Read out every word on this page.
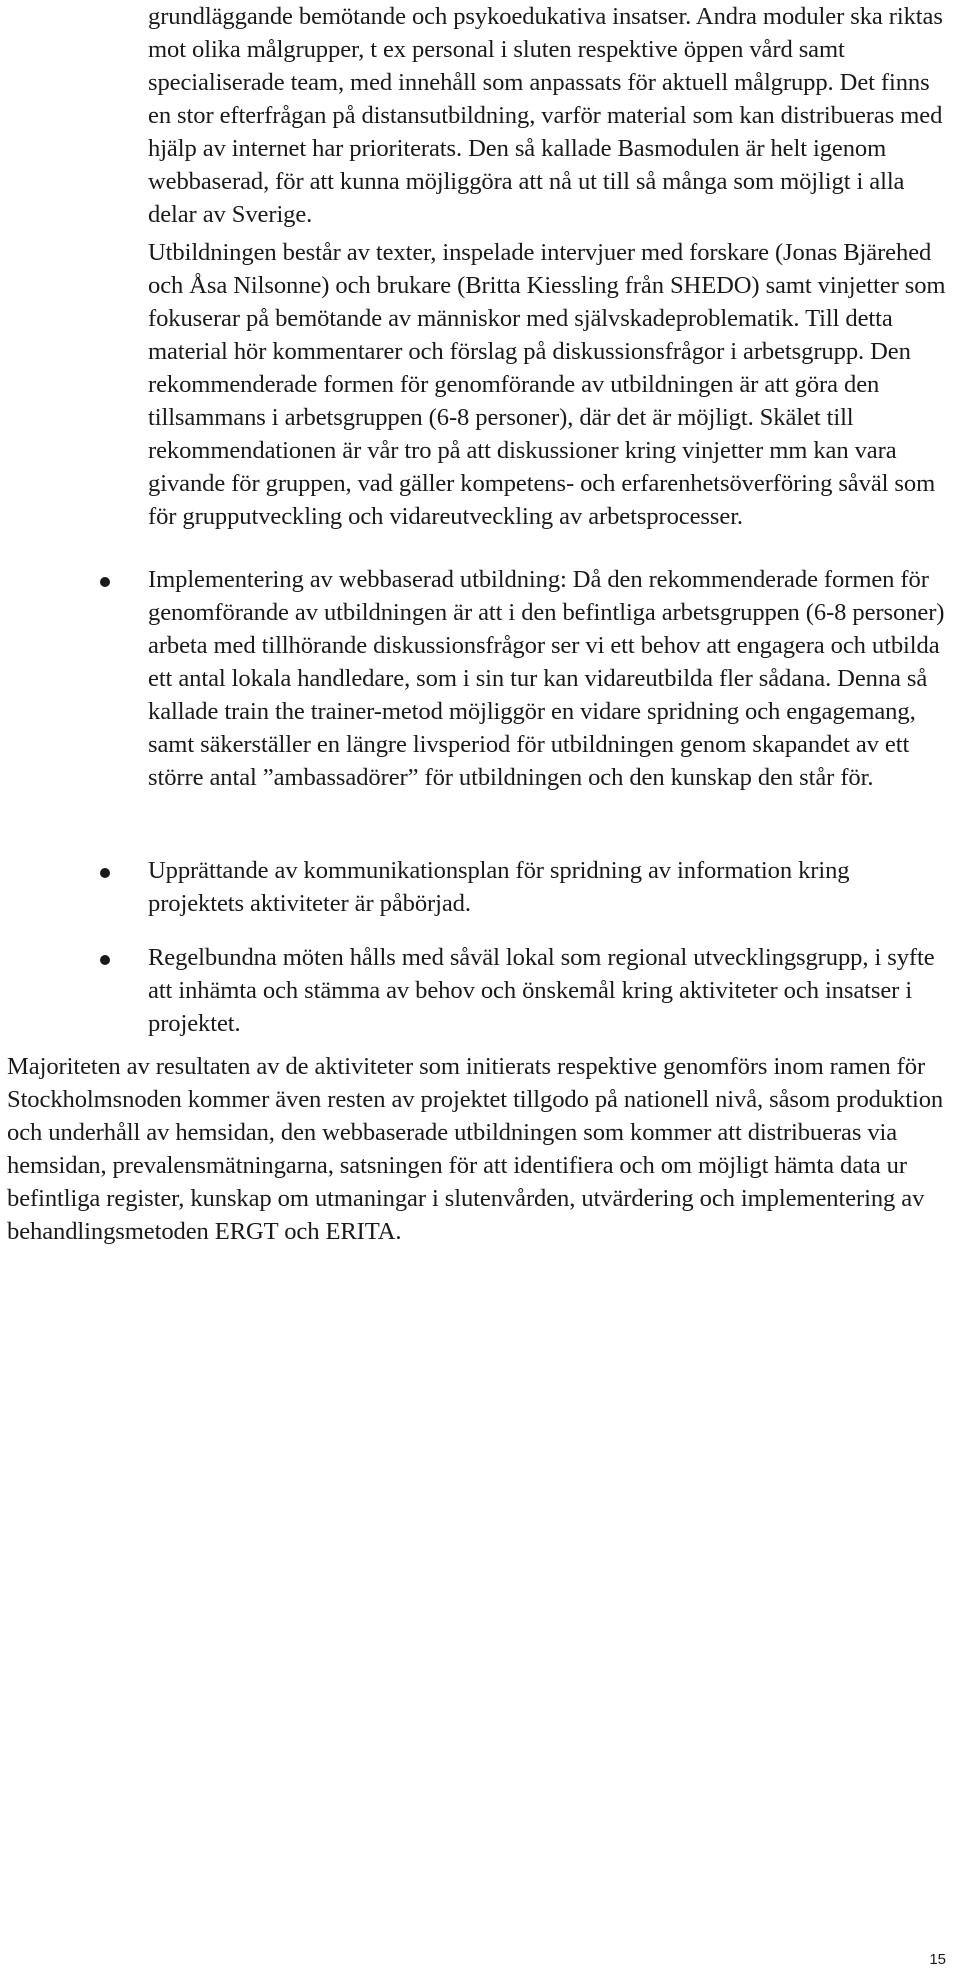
grundläggande bemötande och psykoedukativa insatser. Andra moduler ska riktas mot olika målgrupper, t ex personal i sluten respektive öppen vård samt specialiserade team, med innehåll som anpassats för aktuell målgrupp. Det finns en stor efterfrågan på distansutbildning, varför material som kan distribueras med hjälp av internet har prioriterats. Den så kallade Basmodulen är helt igenom webbaserad, för att kunna möjliggöra att nå ut till så många som möjligt i alla delar av Sverige.

Utbildningen består av texter, inspelade intervjuer med forskare (Jonas Bjärehed och Åsa Nilsonne) och brukare (Britta Kiessling från SHEDO) samt vinjetter som fokuserar på bemötande av människor med självskadeproblematik. Till detta material hör kommentarer och förslag på diskussionsfrågor i arbetsgrupp. Den rekommenderade formen för genomförande av utbildningen är att göra den tillsammans i arbetsgruppen (6-8 personer), där det är möjligt. Skälet till rekommendationen är vår tro på att diskussioner kring vinjetter mm kan vara givande för gruppen, vad gäller kompetens- och erfarenhetsöverföring såväl som för grupputveckling och vidareutveckling av arbetsprocesser.

Implementering av webbaserad utbildning: Då den rekommenderade formen för genomförande av utbildningen är att i den befintliga arbetsgruppen (6-8 personer) arbeta med tillhörande diskussionsfrågor ser vi ett behov att engagera och utbilda ett antal lokala handledare, som i sin tur kan vidareutbilda fler sådana. Denna så kallade train the trainer-metod möjliggör en vidare spridning och engagemang, samt säkerställer en längre livsperiod för utbildningen genom skapandet av ett större antal ”ambassadörer” för utbildningen och den kunskap den står för.

Upprättande av kommunikationsplan för spridning av information kring projektets aktiviteter är påbörjad.

Regelbundna möten hålls med såväl lokal som regional utvecklingsgrupp, i syfte att inhämta och stämma av behov och önskemål kring aktiviteter och insatser i projektet.

Majoriteten av resultaten av de aktiviteter som initierats respektive genomförs inom ramen för Stockholmsnoden kommer även resten av projektet tillgodo på nationell nivå, såsom produktion och underhåll av hemsidan, den webbaserade utbildningen som kommer att distribueras via hemsidan, prevalensmätningarna, satsningen för att identifiera och om möjligt hämta data ur befintliga register, kunskap om utmaningar i slutenvården, utvärdering och implementering av behandlingsmetoden ERGT och ERITA.

15
